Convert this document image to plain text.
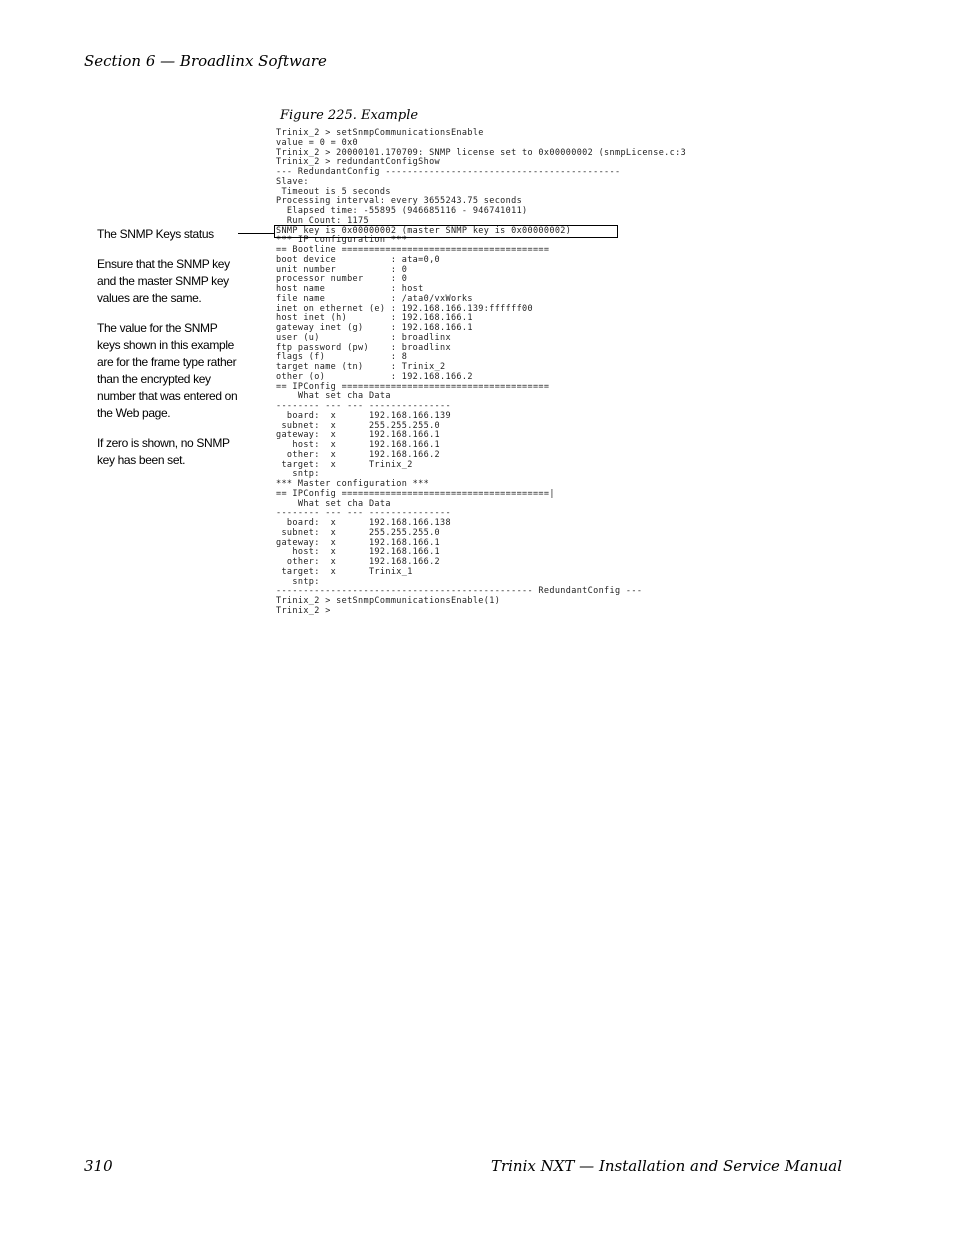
Section 6 — Broadlinx Software
Figure 225. Example
Trinix_2 > setSnmpCommunicationsEnable
value = 0 = 0x0
Trinix_2 > 20000101.170709: SNMP license set to 0x00000002 (snmpLicense.c:3
Trinix_2 > redundantConfigShow
--- RedundantConfig -------------------------------------------
Slave:
Timeout is 5 seconds
Processing interval: every 3655243.75 seconds
Elapsed time: -55895 (946685116 - 946741011)
Run Count: 1175
SNMP key is 0x00000002 (master SNMP key is 0x00000002)
*** IP configuration ***
== Bootline ======================================
boot device          : ata=0,0
unit number          : 0
processor number     : 0
host name            : host
file name            : /ata0/vxWorks
inet on ethernet (e) : 192.168.166.139:ffffff00
host inet (h)        : 192.168.166.1
gateway inet (g)     : 192.168.166.1
user (u)             : broadlinx
ftp password (pw)    : broadlinx
flags (f)            : 8
target name (tn)     : Trinix_2
other (o)            : 192.168.166.2
== IPConfig ======================================
What set cha Data
-------- --- --- ---------------
board:  x      192.168.166.139
subnet:  x      255.255.255.0
gateway:  x      192.168.166.1
host:  x      192.168.166.1
other:  x      192.168.166.2
target:  x      Trinix_2
sntp:
*** Master configuration ***
== IPConfig ======================================|
What set cha Data
-------- --- --- ---------------
board:  x      192.168.166.138
subnet:  x      255.255.255.0
gateway:  x      192.168.166.1
host:  x      192.168.166.1
other:  x      192.168.166.2
target:  x      Trinix_1
sntp:
----------------------------------------------- RedundantConfig ---
Trinix_2 > setSnmpCommunicationsEnable(1)
Trinix_2 >

The SNMP Keys status

Ensure that the SNMP key and the master SNMP key values are the same.

The value for the SNMP keys shown in this example are for the frame type rather than the encrypted key number that was entered on the Web page.

If zero is shown, no SNMP key has been set.

310	Trinix NXT — Installation and Service Manual
